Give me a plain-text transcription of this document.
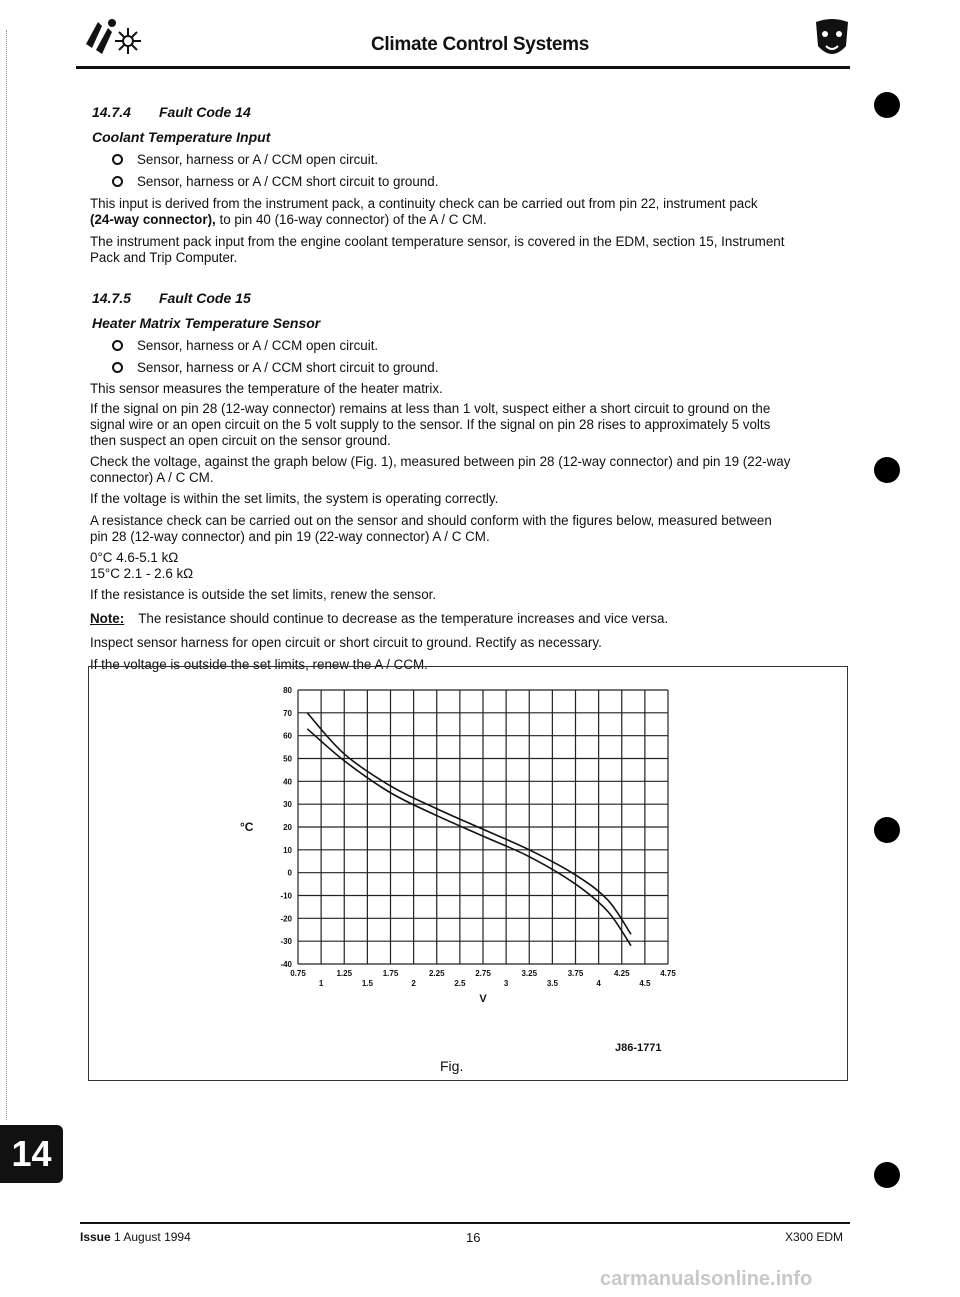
Climate Control Systems
14.7.4 Fault Code 14
Coolant Temperature Input
Sensor, harness or A / CCM open circuit.
Sensor, harness or A / CCM short circuit to ground.
This input is derived from the instrument pack, a continuity check can be carried out from pin 22, instrument pack
(24-way connector), to pin 40 (16-way connector) of the A / C CM.
The instrument pack input from the engine coolant temperature sensor, is covered in the EDM, section 15, Instrument
Pack and Trip Computer.
14.7.5 Fault Code 15
Heater Matrix Temperature Sensor
Sensor, harness or A / CCM open circuit.
Sensor, harness or A / CCM short circuit to ground.
This sensor measures the temperature of the heater matrix.
If the signal on pin 28 (12-way connector) remains at less than 1 volt, suspect either a short circuit to ground on the
signal wire or an open circuit on the 5 volt supply to the sensor. If the signal on pin 28 rises to approximately 5 volts
then suspect an open circuit on the sensor ground.
Check the voltage, against the graph below (Fig. 1), measured between pin 28 (12-way connector) and pin 19 (22-way
connector) A / C CM.
If the voltage is within the set limits, the system is operating correctly.
A resistance check can be carried out on the sensor and should conform with the figures below, measured between
pin 28 (12-way connector) and pin 19 (22-way connector) A / C CM.
0°C 4.6-5.1 kΩ
15°C 2.1 - 2.6 kΩ
If the resistance is outside the set limits, renew the sensor.
Note: The resistance should continue to decrease as the temperature increases and vice versa.
Inspect sensor harness for open circuit or short circuit to ground. Rectify as necessary.
If the voltage is outside the set limits, renew the A / CCM.
80
70
60
50
40
30
20
10
0
-10
-20
-30
-40
0.75	1.25	1.75	2.25	2.75	3.25	3.75	4.25	4.75
1	1.5	2	2.5	3	3.5	4	4.5
°C
V
J86-1771
Fig.
14
Issue 1 August 1994	16	X300 EDM
carmanualsonline.info
